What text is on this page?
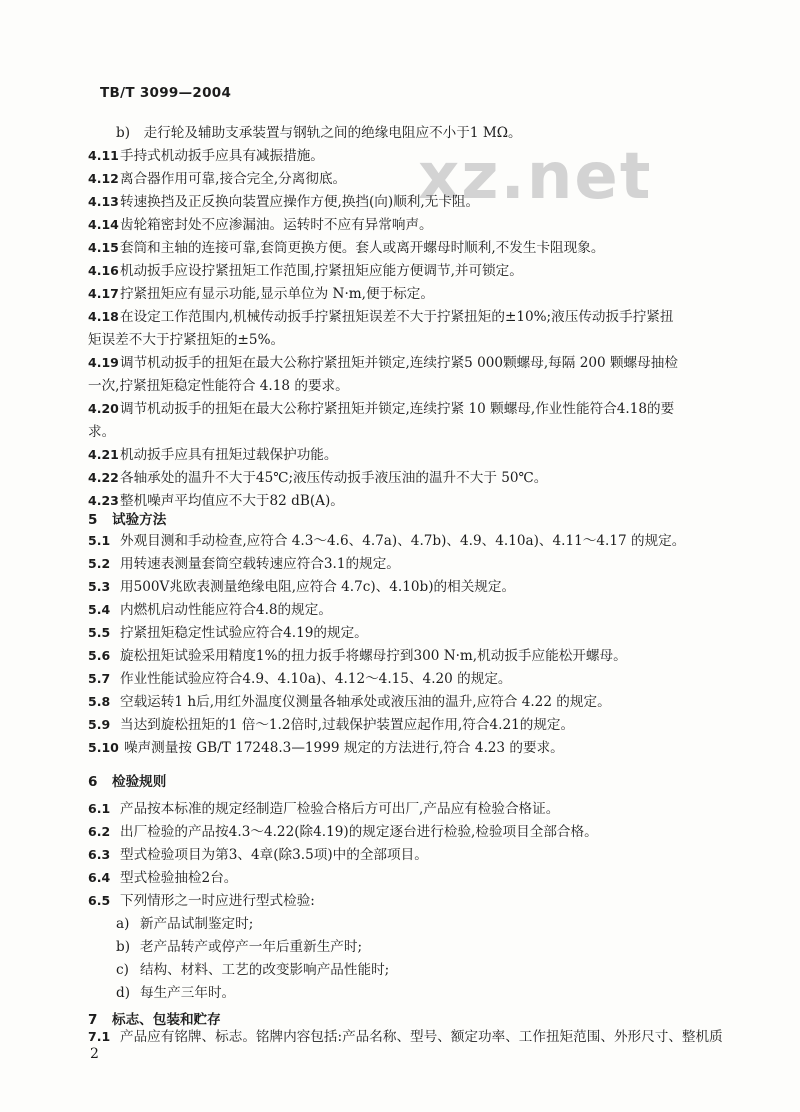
xz.net
TB/T 3099—2004
b)　走行轮及辅助支承装置与钢轨之间的绝缘电阻应不小于1 MΩ。
4.11手持式机动扳手应具有减振措施。
4.12离合器作用可靠,接合完全,分离彻底。
4.13转速换挡及正反换向装置应操作方便,换挡(向)顺利,无卡阻。
4.14齿轮箱密封处不应渗漏油。运转时不应有异常响声。
4.15套筒和主轴的连接可靠,套筒更换方便。套人或离开螺母时顺利,不发生卡阻现象。
4.16机动扳手应设拧紧扭矩工作范围,拧紧扭矩应能方便调节,并可锁定。
4.17拧紧扭矩应有显示功能,显示单位为 N·m,便于标定。
4.18在设定工作范围内,机械传动扳手拧紧扭矩误差不大于拧紧扭矩的±10%;液压传动扳手拧紧扭
矩误差不大于拧紧扭矩的±5%。
4.19调节机动扳手的扭矩在最大公称拧紧扭矩并锁定,连续拧紧5 000颗螺母,每隔 200 颗螺母抽检
一次,拧紧扭矩稳定性能符合 4.18 的要求。
4.20调节机动扳手的扭矩在最大公称拧紧扭矩并锁定,连续拧紧 10 颗螺母,作业性能符合4.18的要
求。
4.21机动扳手应具有扭矩过载保护功能。
4.22各轴承处的温升不大于45℃;液压传动扳手液压油的温升不大于 50℃。
4.23整机噪声平均值应不大于82 dB(A)。
5 试验方法
5.1 外观目测和手动检查,应符合 4.3～4.6、4.7a)、4.7b)、4.9、4.10a)、4.11～4.17 的规定。
5.2 用转速表测量套筒空载转速应符合3.1的规定。
5.3 用500V兆欧表测量绝缘电阻,应符合 4.7c)、4.10b)的相关规定。
5.4 内燃机启动性能应符合4.8的规定。
5.5 拧紧扭矩稳定性试验应符合4.19的规定。
5.6 旋松扭矩试验采用精度1%的扭力扳手将螺母拧到300 N·m,机动扳手应能松开螺母。
5.7 作业性能试验应符合4.9、4.10a)、4.12～4.15、4.20 的规定。
5.8 空载运转1 h后,用红外温度仪测量各轴承处或液压油的温升,应符合 4.22 的规定。
5.9 当达到旋松扭矩的1 倍～1.2倍时,过载保护装置应起作用,符合4.21的规定。
5.10 噪声测量按 GB/T 17248.3—1999 规定的方法进行,符合 4.23 的要求。
6 检验规则
6.1 产品按本标准的规定经制造厂检验合格后方可出厂,产品应有检验合格证。
6.2 出厂检验的产品按4.3～4.22(除4.19)的规定逐台进行检验,检验项目全部合格。
6.3 型式检验项目为第3、4章(除3.5项)中的全部项目。
6.4 型式检验抽检2台。
6.5 下列情形之一时应进行型式检验:
a) 新产品试制鉴定时;
b) 老产品转产或停产一年后重新生产时;
c) 结构、材料、工艺的改变影响产品性能时;
d) 每生产三年时。
7 标志、包装和贮存
7.1 产品应有铭牌、标志。铭牌内容包括:产品名称、型号、额定功率、工作扭矩范围、外形尺寸、整机质
2
